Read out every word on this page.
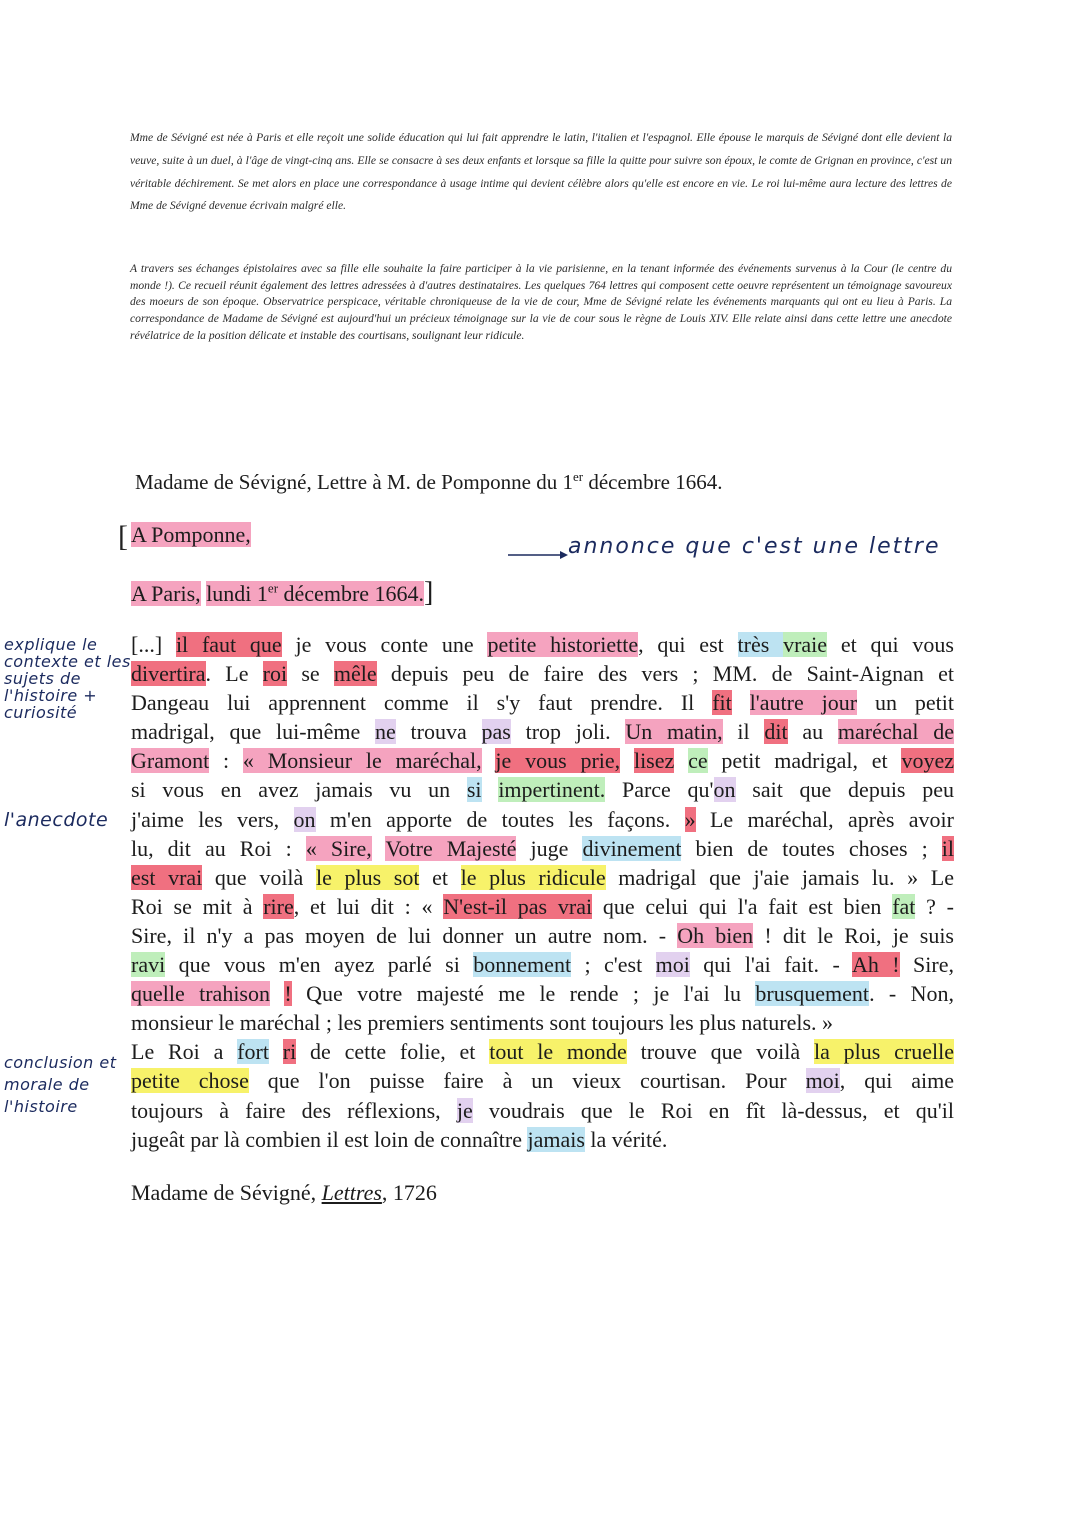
Mme de Sévigné est née à Paris et elle reçoit une solide éducation qui lui fait apprendre le latin, l'italien et l'espagnol. Elle épouse le marquis de Sévigné dont elle devient la veuve, suite à un duel, à l'âge de vingt-cinq ans. Elle se consacre à ses deux enfants et lorsque sa fille la quitte pour suivre son époux, le comte de Grignan en province, c'est un véritable déchirement. Se met alors en place une correspondance à usage intime qui devient célèbre alors qu'elle est encore en vie. Le roi lui-même aura lecture des lettres de Mme de Sévigné devenue écrivain malgré elle.

A travers ses échanges épistolaires avec sa fille elle souhaite la faire participer à la vie parisienne, en la tenant informée des événements survenus à la Cour (le centre du monde !). Ce recueil réunit également des lettres adressées à d'autres destinataires. Les quelques 764 lettres qui composent cette oeuvre représentent un témoignage savoureux des moeurs de son époque. Observatrice perspicace, véritable chroniqueuse de la vie de cour, Mme de Sévigné relate les événements marquants qui ont eu lieu à Paris. La correspondance de Madame de Sévigné est aujourd'hui un précieux témoignage sur la vie de cour sous le règne de Louis XIV. Elle relate ainsi dans cette lettre une anecdote révélatrice de la position délicate et instable des courtisans, soulignant leur ridicule.

Madame de Sévigné, Lettre à M. de Pomponne du 1er décembre 1664.
[ A Pomponne,	annonce que c'est une lettre
A Paris, lundi 1er décembre 1664.]
explique le contexte et les sujets de l'histoire + curiosité
l'anecdote
conclusion et morale de l'histoire
[...] il faut que je vous conte une petite historiette, qui est très vraie et qui vous
divertira. Le roi se mêle depuis peu de faire des vers ; MM. de Saint-Aignan et
Dangeau lui apprennent comme il s'y faut prendre. Il fit l'autre jour un petit
madrigal, que lui-même ne trouva pas trop joli. Un matin, il dit au maréchal de
Gramont : « Monsieur le maréchal, je vous prie, lisez ce petit madrigal, et voyez
si vous en avez jamais vu un si impertinent. Parce qu'on sait que depuis peu
j'aime les vers, on m'en apporte de toutes les façons. » Le maréchal, après avoir
lu, dit au Roi : « Sire, Votre Majesté juge divinement bien de toutes choses ; il
est vrai que voilà le plus sot et le plus ridicule madrigal que j'aie jamais lu. » Le
Roi se mit à rire, et lui dit : « N'est-il pas vrai que celui qui l'a fait est bien fat ? -
Sire, il n'y a pas moyen de lui donner un autre nom. - Oh bien ! dit le Roi, je suis
ravi que vous m'en ayez parlé si bonnement ; c'est moi qui l'ai fait. - Ah ! Sire,
quelle trahison ! Que votre majesté me le rende ; je l'ai lu brusquement. - Non,
monsieur le maréchal ; les premiers sentiments sont toujours les plus naturels. »
Le Roi a fort ri de cette folie, et tout le monde trouve que voilà la plus cruelle
petite chose que l'on puisse faire à un vieux courtisan. Pour moi, qui aime
toujours à faire des réflexions, je voudrais que le Roi en fît là-dessus, et qu'il
jugeât par là combien il est loin de connaître jamais la vérité.
Madame de Sévigné, Lettres, 1726
